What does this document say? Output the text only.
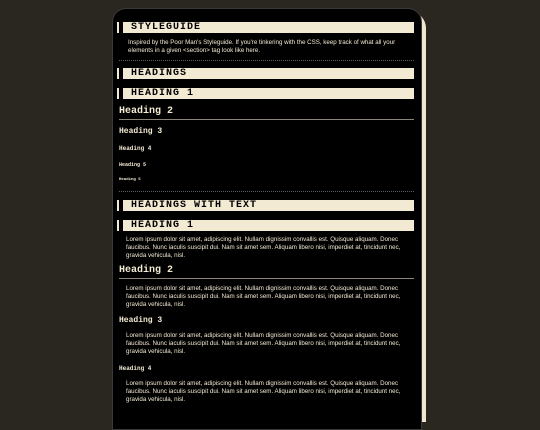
STYLEGUIDE

Inspired by the Poor Man's Styleguide. If you're tinkering with the CSS, keep track of what all your elements in a given <section> tag look like here.

HEADINGS
HEADING 1

Heading 2

Heading 3

Heading 4

Heading 5

Heading 6

HEADINGS WITH TEXT
HEADING 1

Lorem ipsum dolor sit amet, adipiscing elit. Nullam dignissim convallis est. Quisque aliquam. Donec faucibus. Nunc iaculis suscipit dui. Nam sit amet sem. Aliquam libero nisi, imperdiet at, tincidunt nec, gravida vehicula, nisl.

Heading 2

Lorem ipsum dolor sit amet, adipiscing elit. Nullam dignissim convallis est. Quisque aliquam. Donec faucibus. Nunc iaculis suscipit dui. Nam sit amet sem. Aliquam libero nisi, imperdiet at, tincidunt nec, gravida vehicula, nisl.

Heading 3

Lorem ipsum dolor sit amet, adipiscing elit. Nullam dignissim convallis est. Quisque aliquam. Donec faucibus. Nunc iaculis suscipit dui. Nam sit amet sem. Aliquam libero nisi, imperdiet at, tincidunt nec, gravida vehicula, nisl.

Heading 4

Lorem ipsum dolor sit amet, adipiscing elit. Nullam dignissim convallis est. Quisque aliquam. Donec faucibus. Nunc iaculis suscipit dui. Nam sit amet sem. Aliquam libero nisi, imperdiet at, tincidunt nec, gravida vehicula, nisl.
